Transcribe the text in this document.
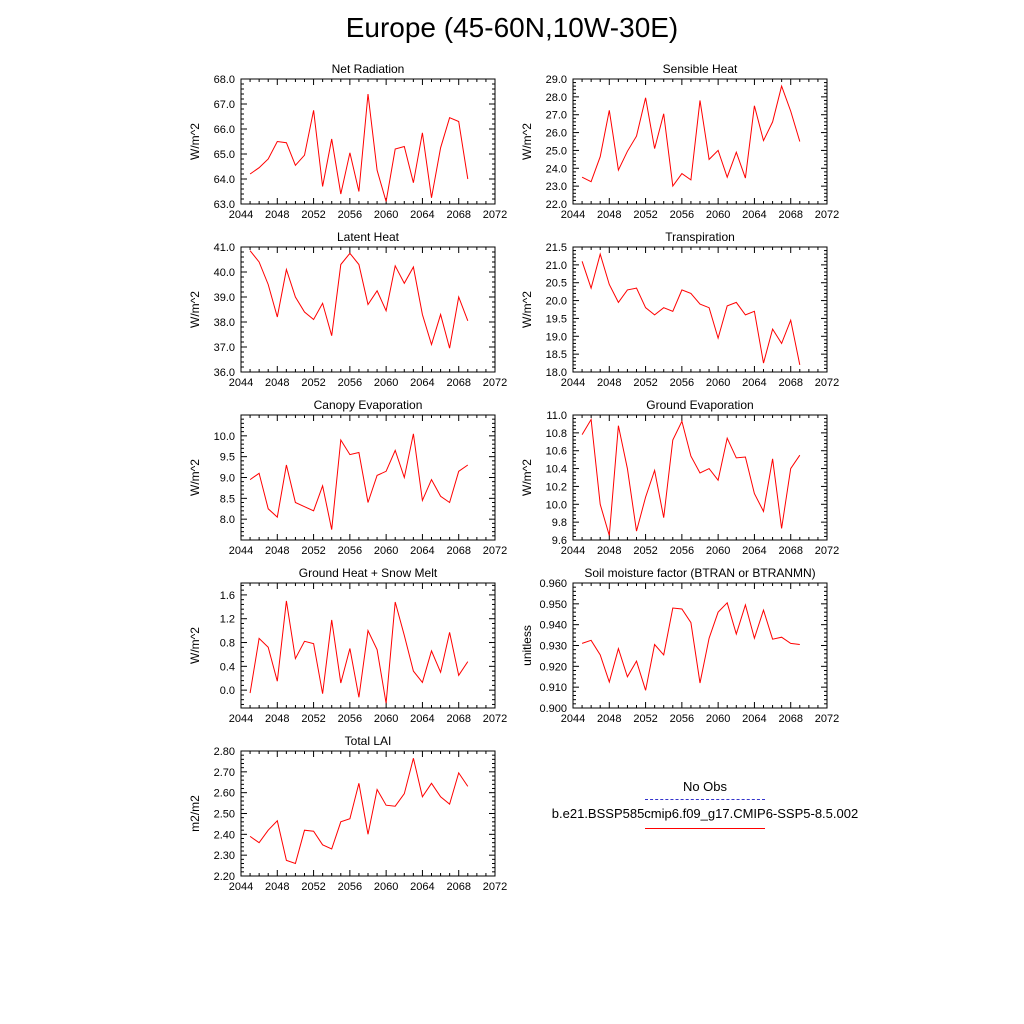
Europe (45-60N,10W-30E)
Net Radiation
W/m^2
2044 2048 2052 2056 2060 2064 2068 2072
63.0
64.0
65.0
66.0
67.0
68.0
Sensible Heat
W/m^2
2044 2048 2052 2056 2060 2064 2068 2072
22.0
23.0
24.0
25.0
26.0
27.0
28.0
29.0
Latent Heat
W/m^2
2044 2048 2052 2056 2060 2064 2068 2072
36.0
37.0
38.0
39.0
40.0
41.0
Transpiration
W/m^2
2044 2048 2052 2056 2060 2064 2068 2072
18.0
18.5
19.0
19.5
20.0
20.5
21.0
21.5
Canopy Evaporation
W/m^2
2044 2048 2052 2056 2060 2064 2068 2072
8.0
8.5
9.0
9.5
10.0
Ground Evaporation
W/m^2
2044 2048 2052 2056 2060 2064 2068 2072
9.6
9.8
10.0
10.2
10.4
10.6
10.8
11.0
Ground Heat + Snow Melt
W/m^2
2044 2048 2052 2056 2060 2064 2068 2072
0.0
0.4
0.8
1.2
1.6
Soil moisture factor (BTRAN or BTRANMN)
unitless
2044 2048 2052 2056 2060 2064 2068 2072
0.900
0.910
0.920
0.930
0.940
0.950
0.960
Total LAI
m2/m2
2044 2048 2052 2056 2060 2064 2068 2072
2.20
2.30
2.40
2.50
2.60
2.70
2.80
No Obs
b.e21.BSSP585cmip6.f09_g17.CMIP6-SSP5-8.5.002
